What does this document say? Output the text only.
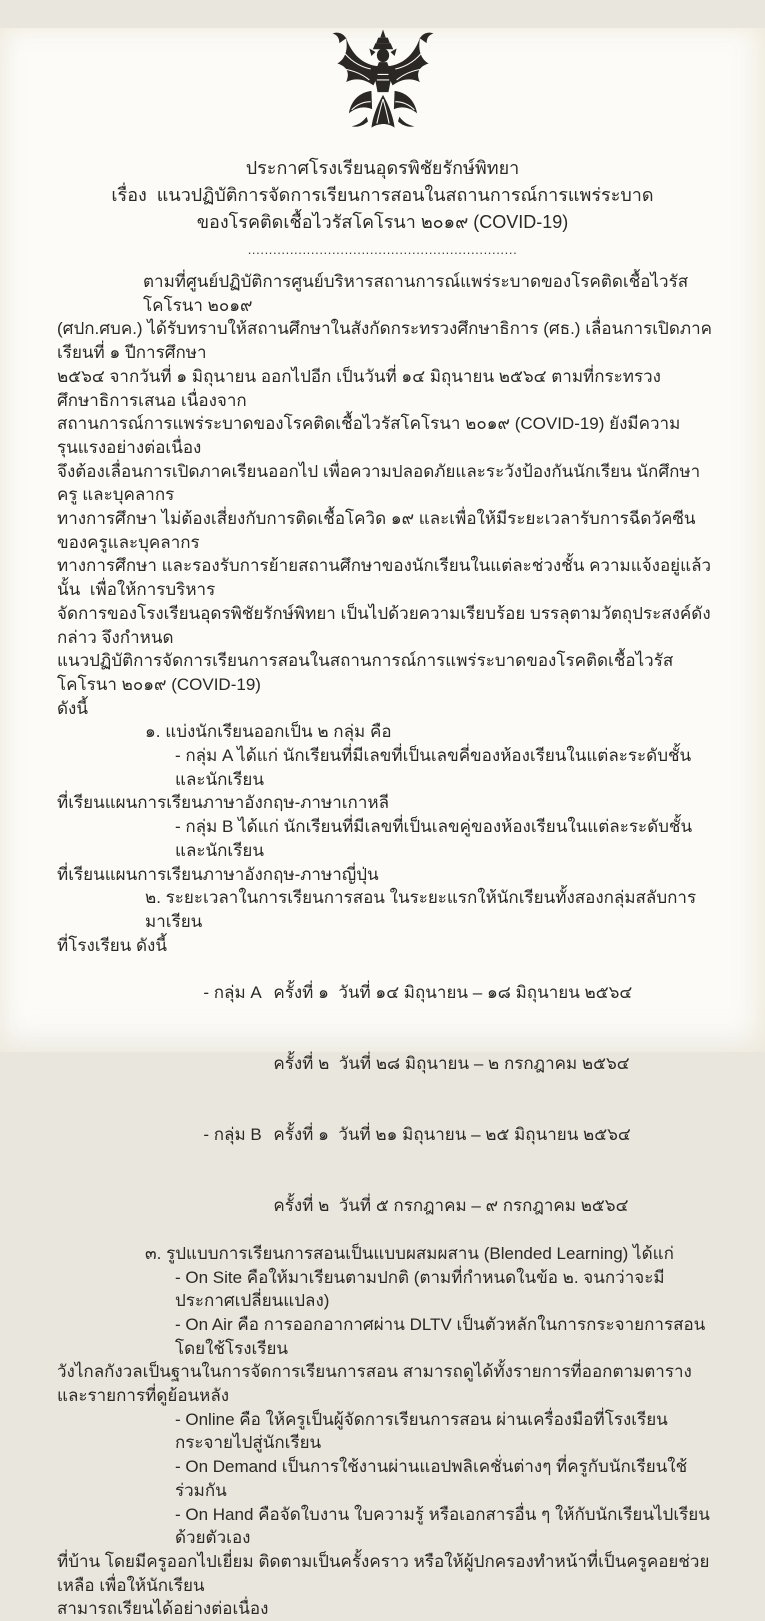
ประกาศโรงเรียนอุดรพิชัยรักษ์พิทยา
เรื่อง  แนวปฏิบัติการจัดการเรียนการสอนในสถานการณ์การแพร่ระบาด
ของโรคติดเชื้อไวรัสโคโรนา ๒๐๑๙ (COVID-19)
................................................................
ตามที่ศูนย์ปฏิบัติการศูนย์บริหารสถานการณ์แพร่ระบาดของโรคติดเชื้อไวรัสโคโรนา ๒๐๑๙
(ศปก.ศบค.) ได้รับทราบให้สถานศึกษาในสังกัดกระทรวงศึกษาธิการ (ศธ.) เลื่อนการเปิดภาคเรียนที่ ๑ ปีการศึกษา
๒๕๖๔ จากวันที่ ๑ มิถุนายน ออกไปอีก เป็นวันที่ ๑๔ มิถุนายน ๒๕๖๔ ตามที่กระทรวงศึกษาธิการเสนอ เนื่องจาก
สถานการณ์การแพร่ระบาดของโรคติดเชื้อไวรัสโคโรนา ๒๐๑๙ (COVID-19) ยังมีความรุนแรงอย่างต่อเนื่อง
จึงต้องเลื่อนการเปิดภาคเรียนออกไป เพื่อความปลอดภัยและระวังป้องกันนักเรียน นักศึกษา ครู และบุคลากร
ทางการศึกษา ไม่ต้องเสี่ยงกับการติดเชื้อโควิด ๑๙ และเพื่อให้มีระยะเวลารับการฉีดวัคซีนของครูและบุคลากร
ทางการศึกษา และรองรับการย้ายสถานศึกษาของนักเรียนในแต่ละช่วงชั้น ความแจ้งอยู่แล้วนั้น  เพื่อให้การบริหาร
จัดการของโรงเรียนอุดรพิชัยรักษ์พิทยา เป็นไปด้วยความเรียบร้อย บรรลุตามวัตถุประสงค์ดังกล่าว จึงกำหนด
แนวปฏิบัติการจัดการเรียนการสอนในสถานการณ์การแพร่ระบาดของโรคติดเชื้อไวรัสโคโรนา ๒๐๑๙ (COVID-19)
ดังนี้
๑. แบ่งนักเรียนออกเป็น ๒ กลุ่ม คือ
- กลุ่ม A ได้แก่ นักเรียนที่มีเลขที่เป็นเลขคี่ของห้องเรียนในแต่ละระดับชั้น และนักเรียน
ที่เรียนแผนการเรียนภาษาอังกฤษ-ภาษาเกาหลี
- กลุ่ม B ได้แก่ นักเรียนที่มีเลขที่เป็นเลขคู่ของห้องเรียนในแต่ละระดับชั้น และนักเรียน
ที่เรียนแผนการเรียนภาษาอังกฤษ-ภาษาญี่ปุ่น
๒. ระยะเวลาในการเรียนการสอน ในระยะแรกให้นักเรียนทั้งสองกลุ่มสลับการมาเรียน
ที่โรงเรียน ดังนี้

- กลุ่ม A ครั้งที่ ๑  วันที่ ๑๔ มิถุนายน – ๑๘ มิถุนายน ๒๕๖๔

ครั้งที่ ๒  วันที่ ๒๘ มิถุนายน – ๒ กรกฎาคม ๒๕๖๔

- กลุ่ม B ครั้งที่ ๑  วันที่ ๒๑ มิถุนายน – ๒๕ มิถุนายน ๒๕๖๔

ครั้งที่ ๒  วันที่ ๕ กรกฎาคม – ๙ กรกฎาคม ๒๕๖๔

๓. รูปแบบการเรียนการสอนเป็นแบบผสมผสาน (Blended Learning) ได้แก่
- On Site คือให้มาเรียนตามปกติ (ตามที่กำหนดในข้อ ๒. จนกว่าจะมีประกาศเปลี่ยนแปลง)
- On Air คือ การออกอากาศผ่าน DLTV เป็นตัวหลักในการกระจายการสอน โดยใช้โรงเรียน
วังไกลกังวลเป็นฐานในการจัดการเรียนการสอน สามารถดูได้ทั้งรายการที่ออกตามตาราง และรายการที่ดูย้อนหลัง
- Online คือ ให้ครูเป็นผู้จัดการเรียนการสอน ผ่านเครื่องมือที่โรงเรียนกระจายไปสู่นักเรียน
- On Demand เป็นการใช้งานผ่านแอปพลิเคชั่นต่างๆ ที่ครูกับนักเรียนใช้ร่วมกัน
- On Hand คือจัดใบงาน ใบความรู้ หรือเอกสารอื่น ๆ ให้กับนักเรียนไปเรียนด้วยตัวเอง
ที่บ้าน โดยมีครูออกไปเยี่ยม ติดตามเป็นครั้งคราว หรือให้ผู้ปกครองทำหน้าที่เป็นครูคอยช่วยเหลือ เพื่อให้นักเรียน
สามารถเรียนได้อย่างต่อเนื่อง
